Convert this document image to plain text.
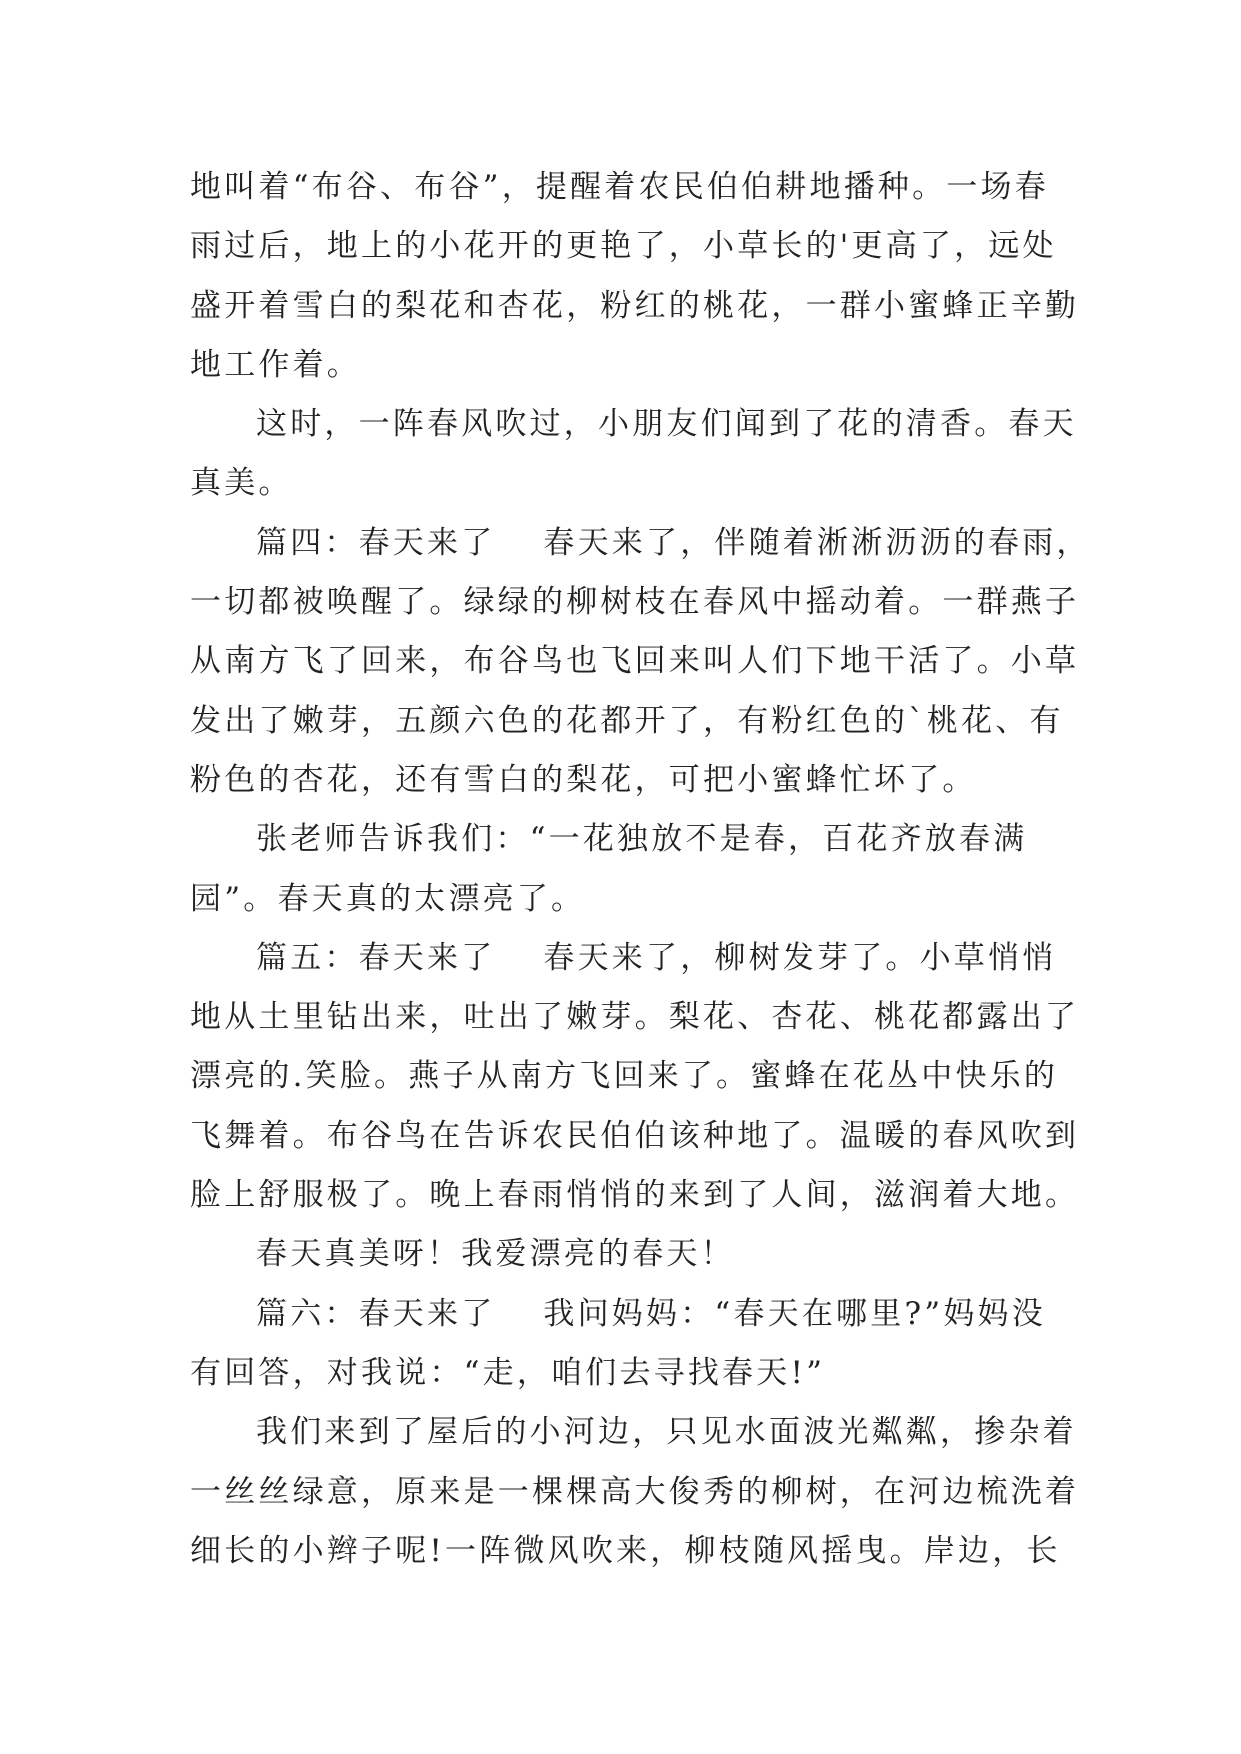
地叫着“布谷、布谷”，提醒着农民伯伯耕地播种。一场春
雨过后，地上的小花开的更艳了，小草长的'更高了，远处
盛开着雪白的梨花和杏花，粉红的桃花，一群小蜜蜂正辛勤
地工作着。
这时，一阵春风吹过，小朋友们闻到了花的清香。春天
真美。
篇四：春天来了 春天来了，伴随着淅淅沥沥的春雨，
一切都被唤醒了。绿绿的柳树枝在春风中摇动着。一群燕子
从南方飞了回来，布谷鸟也飞回来叫人们下地干活了。小草
发出了嫩芽，五颜六色的花都开了，有粉红色的`桃花、有
粉色的杏花，还有雪白的梨花，可把小蜜蜂忙坏了。
张老师告诉我们：“一花独放不是春，百花齐放春满
园”。春天真的太漂亮了。
篇五：春天来了 春天来了，柳树发芽了。小草悄悄
地从土里钻出来，吐出了嫩芽。梨花、杏花、桃花都露出了
漂亮的.笑脸。燕子从南方飞回来了。蜜蜂在花丛中快乐的
飞舞着。布谷鸟在告诉农民伯伯该种地了。温暖的春风吹到
脸上舒服极了。晚上春雨悄悄的来到了人间，滋润着大地。
春天真美呀！我爱漂亮的春天！
篇六：春天来了 我问妈妈：“春天在哪里?”妈妈没
有回答，对我说：“走，咱们去寻找春天!”
我们来到了屋后的小河边，只见水面波光粼粼，掺杂着
一丝丝绿意，原来是一棵棵高大俊秀的柳树，在河边梳洗着
细长的小辫子呢!一阵微风吹来，柳枝随风摇曳。岸边，长
